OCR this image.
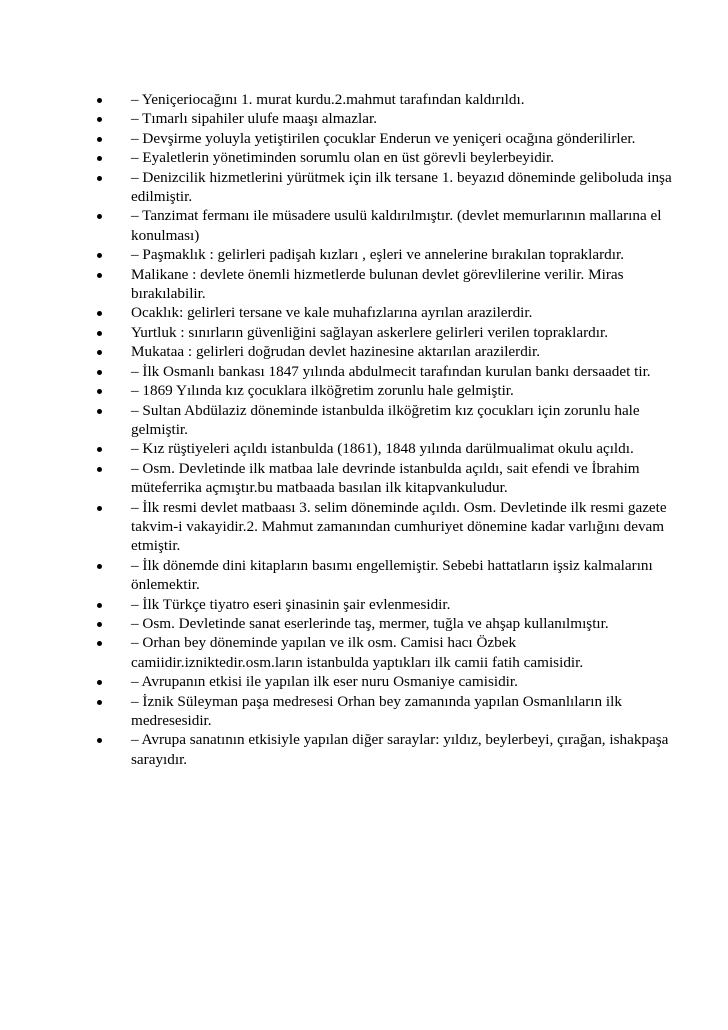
– Yeniçeriocağını 1. murat kurdu.2.mahmut tarafından kaldırıldı.
– Tımarlı sipahiler ulufe maaşı almazlar.
– Devşirme yoluyla yetiştirilen çocuklar Enderun ve yeniçeri ocağına gönderilirler.
– Eyaletlerin yönetiminden sorumlu olan en üst görevli beylerbeyidir.
– Denizcilik hizmetlerini yürütmek için ilk tersane 1. beyazıd döneminde geliboluda inşa edilmiştir.
– Tanzimat fermanı ile müsadere usulü kaldırılmıştır. (devlet memurlarının mallarına el konulması)
– Paşmaklık : gelirleri padişah kızları , eşleri ve annelerine bırakılan topraklardır.
Malikane : devlete önemli hizmetlerde bulunan devlet görevlilerine verilir. Miras bırakılabilir.
Ocaklık: gelirleri tersane ve kale muhafızlarına ayrılan arazilerdir.
Yurtluk : sınırların güvenliğini sağlayan askerlere gelirleri verilen topraklardır.
Mukataa : gelirleri doğrudan devlet hazinesine aktarılan arazilerdir.
– İlk Osmanlı bankası 1847 yılında abdulmecit tarafından kurulan bankı dersaadet tir.
– 1869 Yılında kız çocuklara ilköğretim zorunlu hale gelmiştir.
– Sultan Abdülaziz döneminde istanbulda ilköğretim kız çocukları için zorunlu hale gelmiştir.
– Kız rüştiyeleri açıldı istanbulda (1861), 1848 yılında darülmualimat okulu açıldı.
– Osm. Devletinde ilk matbaa lale devrinde istanbulda açıldı, sait efendi ve İbrahim müteferrika açmıştır.bu matbaada basılan ilk kitapvankuludur.
– İlk resmi devlet matbaası 3. selim döneminde açıldı. Osm. Devletinde ilk resmi gazete takvim-i vakayidir.2. Mahmut zamanından cumhuriyet dönemine kadar varlığını devam etmiştir.
– İlk dönemde dini kitapların basımı engellemiştir. Sebebi hattatların işsiz kalmalarını önlemektir.
– İlk Türkçe tiyatro eseri şinasinin şair evlenmesidir.
– Osm. Devletinde sanat eserlerinde taş, mermer, tuğla ve ahşap kullanılmıştır.
– Orhan bey döneminde yapılan ve ilk osm. Camisi hacı Özbek camiidir.izniktedir.osm.ların istanbulda yaptıkları ilk camii fatih camisidir.
– Avrupanın etkisi ile yapılan ilk eser nuru Osmaniye camisidir.
– İznik Süleyman paşa medresesi Orhan bey zamanında yapılan Osmanlıların ilk medresesidir.
– Avrupa sanatının etkisiyle yapılan diğer saraylar: yıldız, beylerbeyi, çırağan, ishakpaşa sarayıdır.
